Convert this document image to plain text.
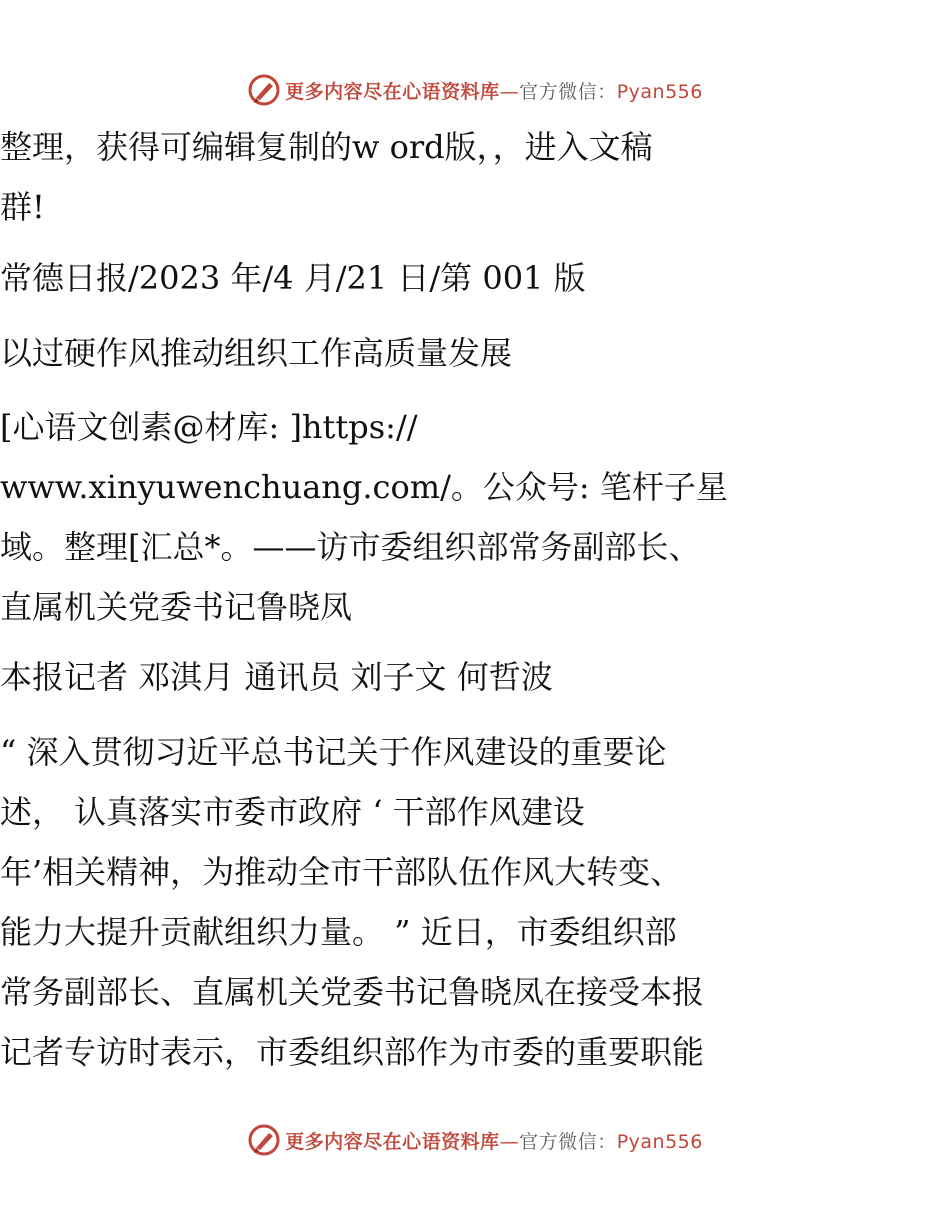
更多内容尽在心语资料库—官方微信：Pyan556

整理，获得可编辑复制的w ord版，，进入文稿

群!

常德日报/2023 年/4 月/21 日/第 001 版

以过硬作风推动组织工作高质量发展

[心语文创素@材库: ]https://

www.xinyuwenchuang.com/。公众号: 笔杆子星

域。整理[汇总*。——访市委组织部常务副部长、

直属机关党委书记鲁晓凤

本报记者 邓淇月 通讯员 刘子文 何哲波

“ 深入贯彻习近平总书记关于作风建设的重要论

述， 认真落实市委市政府 ‘ 干部作风建设

年’相关精神，为推动全市干部队伍作风大转变、

能力大提升贡献组织力量。 ” 近日，市委组织部

常务副部长、直属机关党委书记鲁晓凤在接受本报

记者专访时表示，市委组织部作为市委的重要职能

更多内容尽在心语资料库—官方微信：Pyan556
